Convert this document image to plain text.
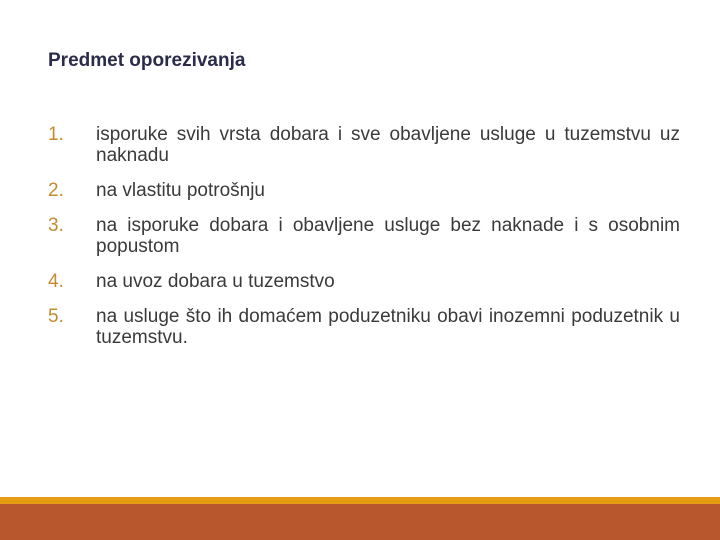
Predmet oporezivanja
1.	isporuke svih vrsta dobara i sve obavljene usluge u tuzemstvu uz naknadu
2.	na vlastitu potrošnju
3.	na isporuke dobara i obavljene usluge bez naknade i s osobnim popustom
4.	na uvoz dobara u tuzemstvo
5.	na usluge što ih domaćem poduzetniku obavi inozemni poduzetnik u tuzemstvu.
